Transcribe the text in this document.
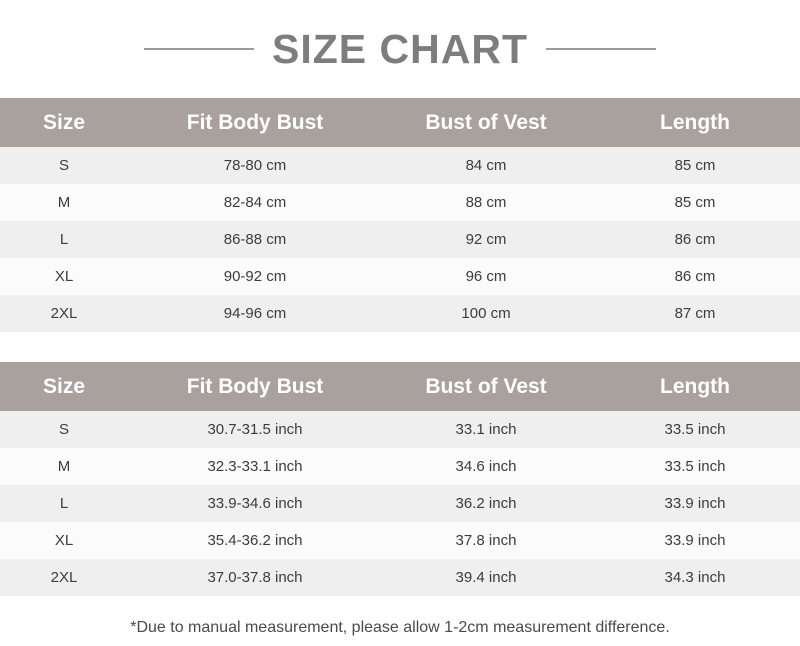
SIZE CHART
Size	Fit Body Bust	Bust of Vest	Length
S	78-80 cm	84 cm	85 cm
M	82-84 cm	88 cm	85 cm
L	86-88 cm	92 cm	86 cm
XL	90-92 cm	96 cm	86 cm
2XL	94-96 cm	100 cm	87 cm
Size	Fit Body Bust	Bust of Vest	Length
S	30.7-31.5 inch	33.1 inch	33.5 inch
M	32.3-33.1 inch	34.6 inch	33.5 inch
L	33.9-34.6 inch	36.2 inch	33.9 inch
XL	35.4-36.2 inch	37.8 inch	33.9 inch
2XL	37.0-37.8 inch	39.4 inch	34.3 inch
*Due to manual measurement, please allow 1-2cm measurement difference.
